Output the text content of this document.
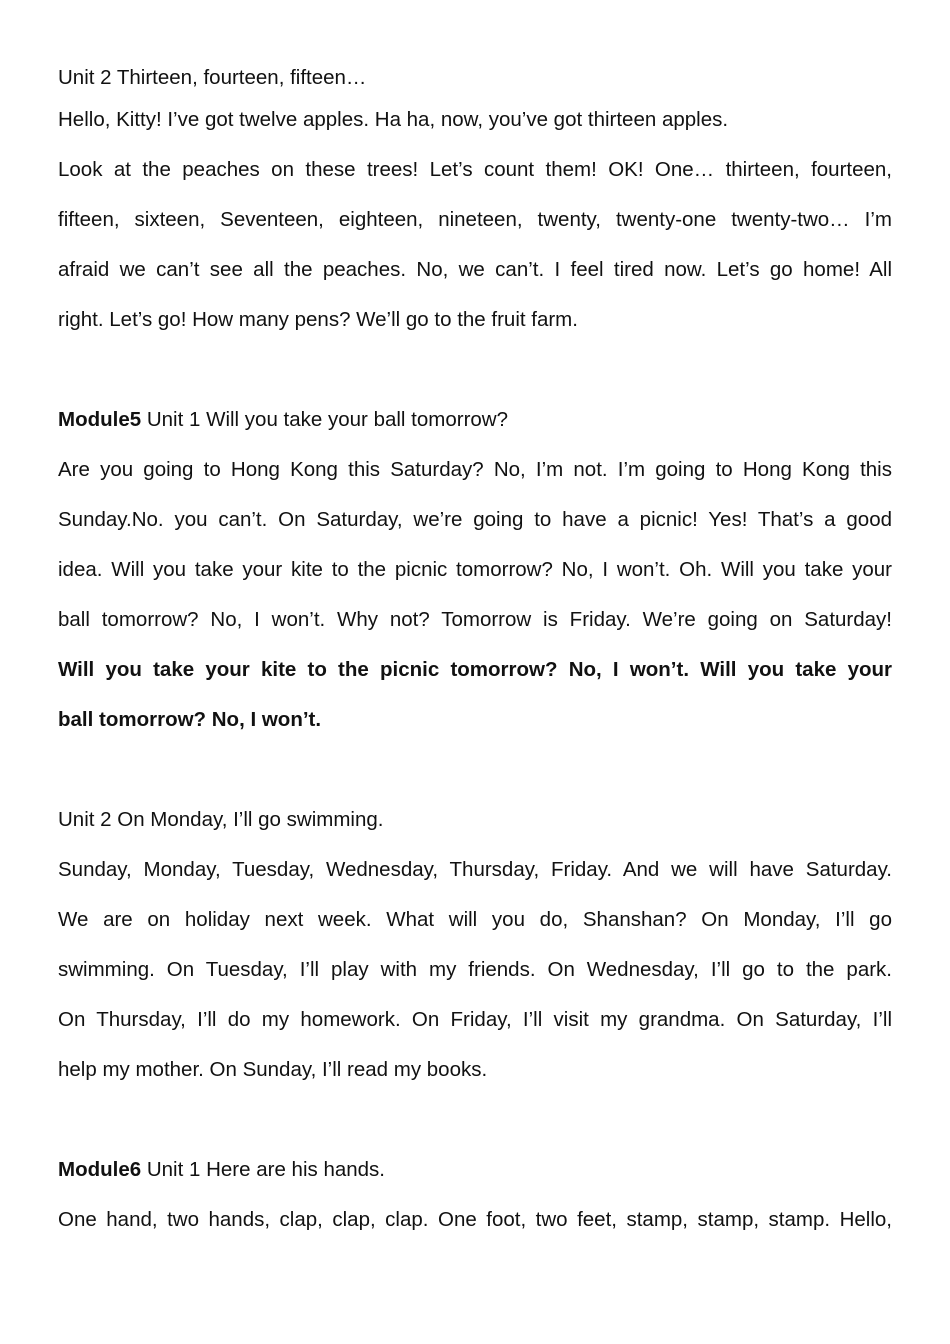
Unit 2 Thirteen, fourteen, fifteen…
Hello, Kitty! I’ve got twelve apples. Ha ha, now, you’ve got thirteen apples.
Look at the peaches on these trees! Let’s count them! OK! One… thirteen, fourteen,
fifteen, sixteen, Seventeen, eighteen, nineteen, twenty, twenty-one twenty-two… I’m
afraid we can’t see all the peaches. No, we can’t. I feel tired now. Let’s go home! All
right. Let’s go! How many pens? We’ll go to the fruit farm.
Module5 Unit 1 Will you take your ball tomorrow?
Are you going to Hong Kong this Saturday? No, I’m not. I’m going to Hong Kong this
Sunday.No. you can’t. On Saturday, we’re going to have a picnic! Yes! That’s a good
idea. Will you take your kite to the picnic tomorrow? No, I won’t. Oh. Will you take your
ball tomorrow? No, I won’t. Why not? Tomorrow is Friday. We’re going on Saturday!
Will you take your kite to the picnic tomorrow? No, I won’t. Will you take your
ball tomorrow? No, I won’t.
Unit 2 On Monday, I’ll go swimming.
Sunday, Monday, Tuesday, Wednesday, Thursday, Friday. And we will have Saturday.
We are on holiday next week. What will you do, Shanshan? On Monday, I’ll go
swimming. On Tuesday, I’ll play with my friends. On Wednesday, I’ll go to the park.
On Thursday, I’ll do my homework. On Friday, I’ll visit my grandma. On Saturday, I’ll
help my mother. On Sunday, I’ll read my books.
Module6 Unit 1 Here are his hands.
One hand, two hands, clap, clap, clap. One foot, two feet, stamp, stamp, stamp. Hello,
